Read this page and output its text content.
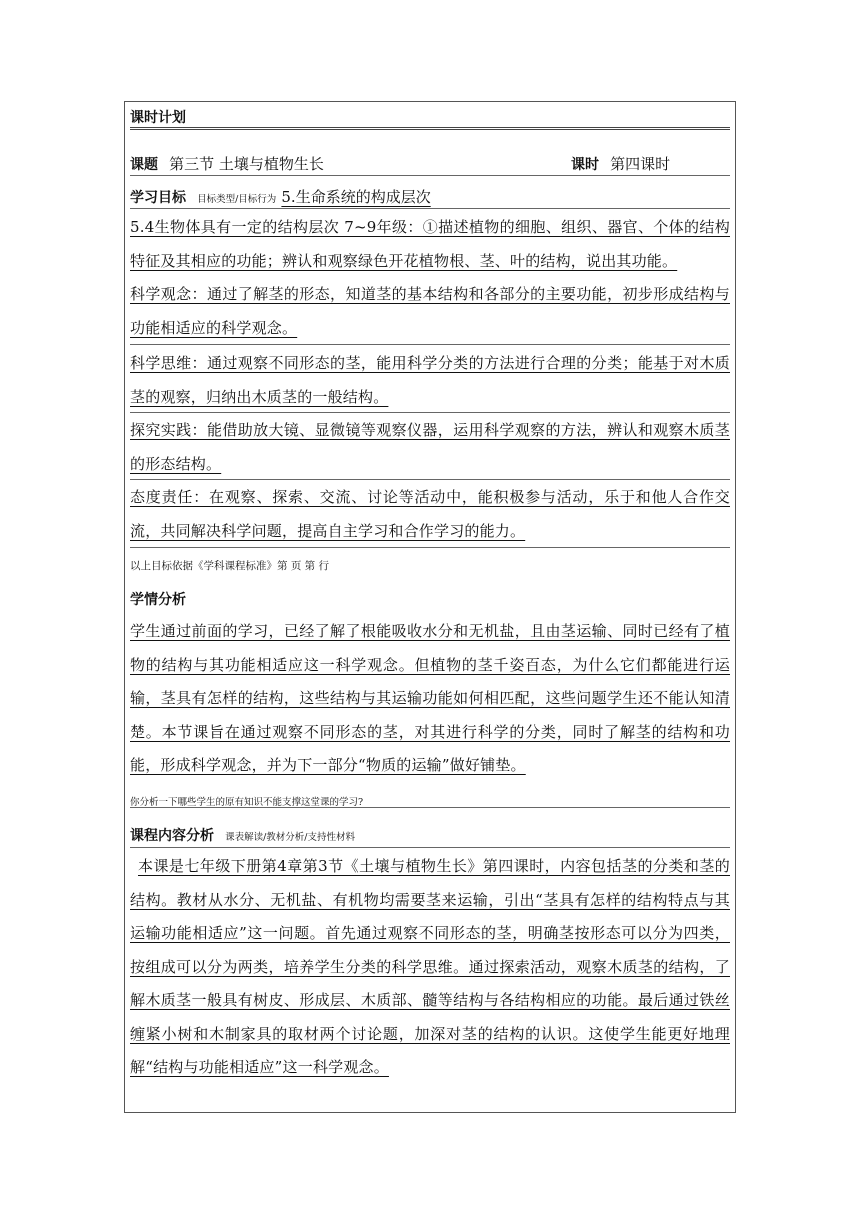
课时计划
课题 第三节 土壤与植物生长	课时 第四课时
学习目标 目标类型/目标行为 5.生命系统的构成层次
5.4生物体具有一定的结构层次 7~9年级：①描述植物的细胞、组织、器官、个体的结构特征及其相应的功能；辨认和观察绿色开花植物根、茎、叶的结构，说出其功能。
科学观念：通过了解茎的形态，知道茎的基本结构和各部分的主要功能，初步形成结构与功能相适应的科学观念。
科学思维：通过观察不同形态的茎，能用科学分类的方法进行合理的分类；能基于对木质茎的观察，归纳出木质茎的一般结构。
探究实践：能借助放大镜、显微镜等观察仪器，运用科学观察的方法，辨认和观察木质茎的形态结构。
态度责任：在观察、探索、交流、讨论等活动中，能积极参与活动，乐于和他人合作交流，共同解决科学问题，提高自主学习和合作学习的能力。
以上目标依据《学科课程标准》第 页 第 行
学情分析
学生通过前面的学习，已经了解了根能吸收水分和无机盐，且由茎运输、同时已经有了植物的结构与其功能相适应这一科学观念。但植物的茎千姿百态，为什么它们都能进行运输，茎具有怎样的结构，这些结构与其运输功能如何相匹配，这些问题学生还不能认知清楚。本节课旨在通过观察不同形态的茎，对其进行科学的分类，同时了解茎的结构和功能，形成科学观念，并为下一部分“物质的运输”做好铺垫。
你分析一下哪些学生的原有知识不能支撑这堂课的学习?
课程内容分析 课表解读/教材分析/支持性材料
本课是七年级下册第4章第3节《土壤与植物生长》第四课时，内容包括茎的分类和茎的结构。教材从水分、无机盐、有机物均需要茎来运输，引出“茎具有怎样的结构特点与其运输功能相适应”这一问题。首先通过观察不同形态的茎，明确茎按形态可以分为四类，按组成可以分为两类，培养学生分类的科学思维。通过探索活动，观察木质茎的结构，了解木质茎一般具有树皮、形成层、木质部、髓等结构与各结构相应的功能。最后通过铁丝缠紧小树和木制家具的取材两个讨论题，加深对茎的结构的认识。这使学生能更好地理解“结构与功能相适应”这一科学观念。
